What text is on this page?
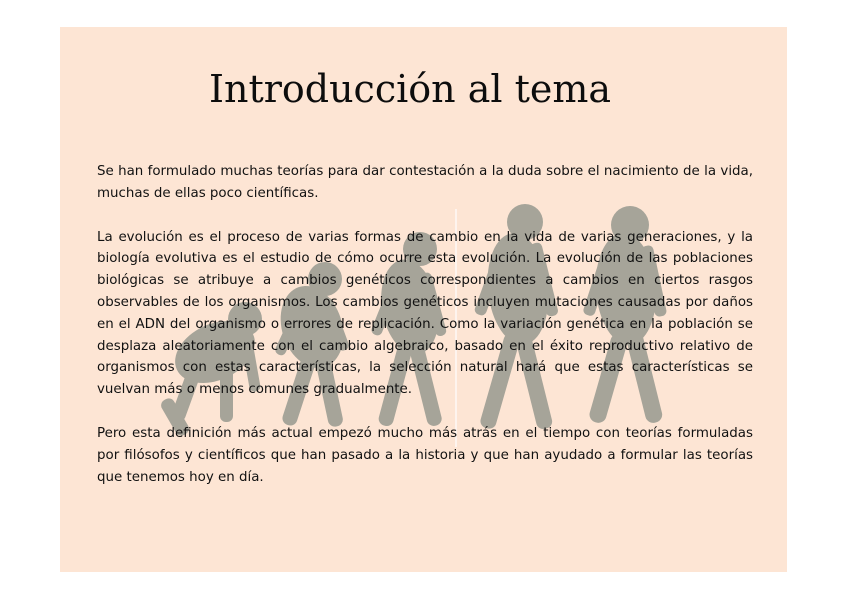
Introducción al tema

Se han formulado muchas teorías para dar contestación a la duda sobre el nacimiento de la vida, muchas de ellas poco científicas.

La evolución es el proceso de varias formas de cambio en la vida de varias generaciones, y la biología evolutiva es el estudio de cómo ocurre esta evolución. La evolución de las poblaciones biológicas se atribuye a cambios genéticos correspondientes a cambios en ciertos rasgos observables de los organismos. Los cambios genéticos incluyen mutaciones causadas por daños en el ADN del organismo o errores de replicación. Como la variación genética en la población se desplaza aleatoriamente con el cambio algebraico, basado en el éxito reproductivo relativo de organismos con estas características, la selección natural hará que estas características se vuelvan más o menos comunes gradualmente.

Pero esta definición más actual empezó mucho más atrás en el tiempo con teorías formuladas por filósofos y científicos que han pasado a la historia y que han ayudado a formular las teorías que tenemos hoy en día.
